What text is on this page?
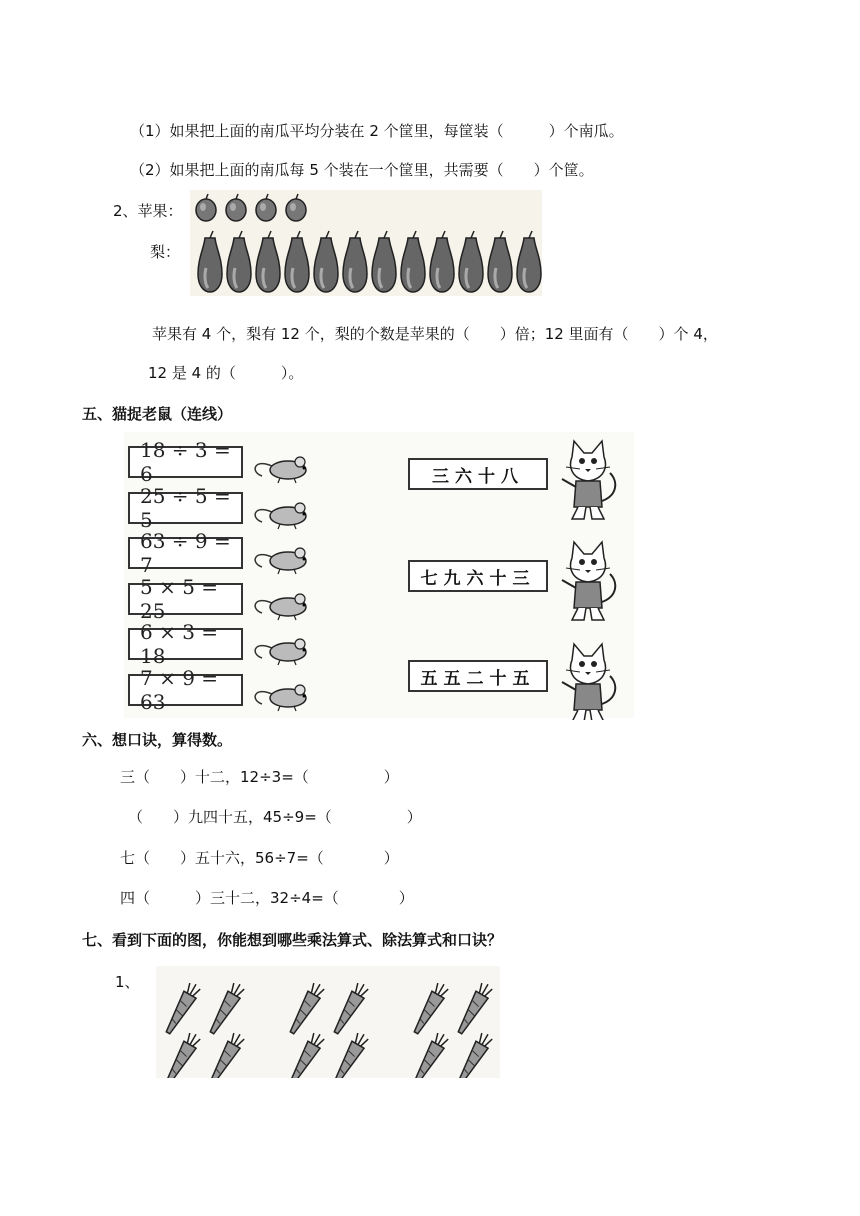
（1）如果把上面的南瓜平均分装在 2 个筐里，每筐装（　　　）个南瓜。
（2）如果把上面的南瓜每 5 个装在一个筐里，共需要（　　）个筐。
2、苹果：
梨：
苹果有 4 个，梨有 12 个，梨的个数是苹果的（　　）倍；12 里面有（　　）个 4，
12 是 4 的（　　　）。
五、猫捉老鼠（连线）
18 ÷ 3 = 6
25 ÷ 5 = 5
63 ÷ 9 = 7
5 × 5 = 25
6 × 3 = 18
7 × 9 = 63
三六十八
七九六十三
五五二十五
六、想口诀，算得数。
三（　　）十二，12÷3=（　　　　　）
（　　）九四十五，45÷9=（　　　　　）
七（　　）五十六，56÷7=（　　　　）
四（　　　）三十二，32÷4=（　　　　）
七、看到下面的图，你能想到哪些乘法算式、除法算式和口诀？
1、
